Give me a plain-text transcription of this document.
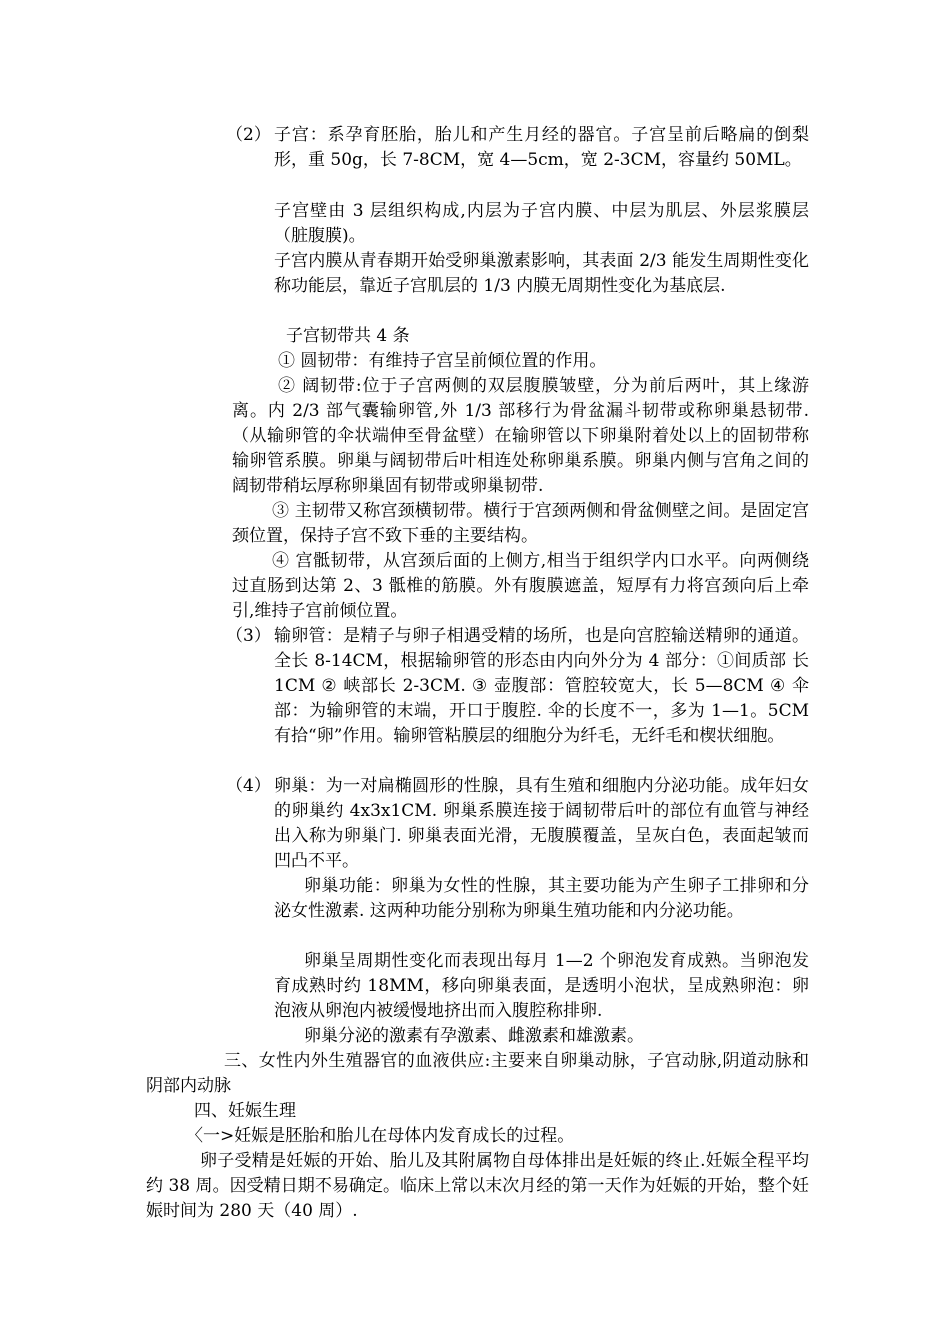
（2） 子宫：系孕育胚胎，胎儿和产生月经的器官。子宫呈前后略扁的倒梨形，重 50g，长 7-8CM，宽 4—5cm，宽 2-3CM，容量约 50ML。

子宫壁由 3 层组织构成,内层为子宫内膜、中层为肌层、外层浆膜层（脏腹膜)。

子宫内膜从青春期开始受卵巢激素影响，其表面 2/3 能发生周期性变化称功能层，靠近子宫肌层的 1/3 内膜无周期性变化为基底层.

子宫韧带共 4 条

① 圆韧带：有维持子宫呈前倾位置的作用。

② 阔韧带:位于子宫两侧的双层腹膜皱壁，分为前后两叶，其上缘游离。内 2/3 部气囊输卵管,外 1/3 部移行为骨盆漏斗韧带或称卵巢悬韧带.（从输卵管的伞状端伸至骨盆壁）在输卵管以下卵巢附着处以上的固韧带称输卵管系膜。卵巢与阔韧带后叶相连处称卵巢系膜。卵巢内侧与宫角之间的阔韧带稍坛厚称卵巢固有韧带或卵巢韧带.

③ 主韧带又称宫颈横韧带。横行于宫颈两侧和骨盆侧壁之间。是固定宫颈位置，保持子宫不致下垂的主要结构。

④ 宫骶韧带，从宫颈后面的上侧方,相当于组织学内口水平。向两侧绕过直肠到达第 2、3 骶椎的筋膜。外有腹膜遮盖，短厚有力将宫颈向后上牵引,维持子宫前倾位置。

（3） 输卵管：是精子与卵子相遇受精的场所，也是向宫腔输送精卵的通道。全长 8-14CM，根据输卵管的形态由内向外分为 4 部分：①间质部 长 1CM ② 峡部长 2-3CM. ③ 壶腹部：管腔较宽大，长 5—8CM ④ 伞部：为输卵管的末端，开口于腹腔. 伞的长度不一，多为 1—1。5CM 有拾“卵”作用。输卵管粘膜层的细胞分为纤毛，无纤毛和楔状细胞。
（4） 卵巢：为一对扁椭圆形的性腺，具有生殖和细胞内分泌功能。成年妇女的卵巢约 4x3x1CM. 卵巢系膜连接于阔韧带后叶的部位有血管与神经出入称为卵巢门. 卵巢表面光滑，无腹膜覆盖，呈灰白色，表面起皱而凹凸不平。

卵巢功能：卵巢为女性的性腺，其主要功能为产生卵子工排卵和分泌女性激素. 这两种功能分别称为卵巢生殖功能和内分泌功能。

卵巢呈周期性变化而表现出每月 1—2 个卵泡发育成熟。当卵泡发育成熟时约 18MM，移向卵巢表面，是透明小泡状，呈成熟卵泡：卵泡液从卵泡内被缓慢地挤出而入腹腔称排卵.

卵巢分泌的激素有孕激素、雌激素和雄激素。

三、女性内外生殖器官的血液供应:主要来自卵巢动脉，子宫动脉,阴道动脉和阴部内动脉

四、妊娠生理

〈一>妊娠是胚胎和胎儿在母体内发育成长的过程。

卵子受精是妊娠的开始、胎儿及其附属物自母体排出是妊娠的终止.妊娠全程平均约 38 周。因受精日期不易确定。临床上常以末次月经的第一天作为妊娠的开始，整个妊娠时间为 280 天（40 周）.
